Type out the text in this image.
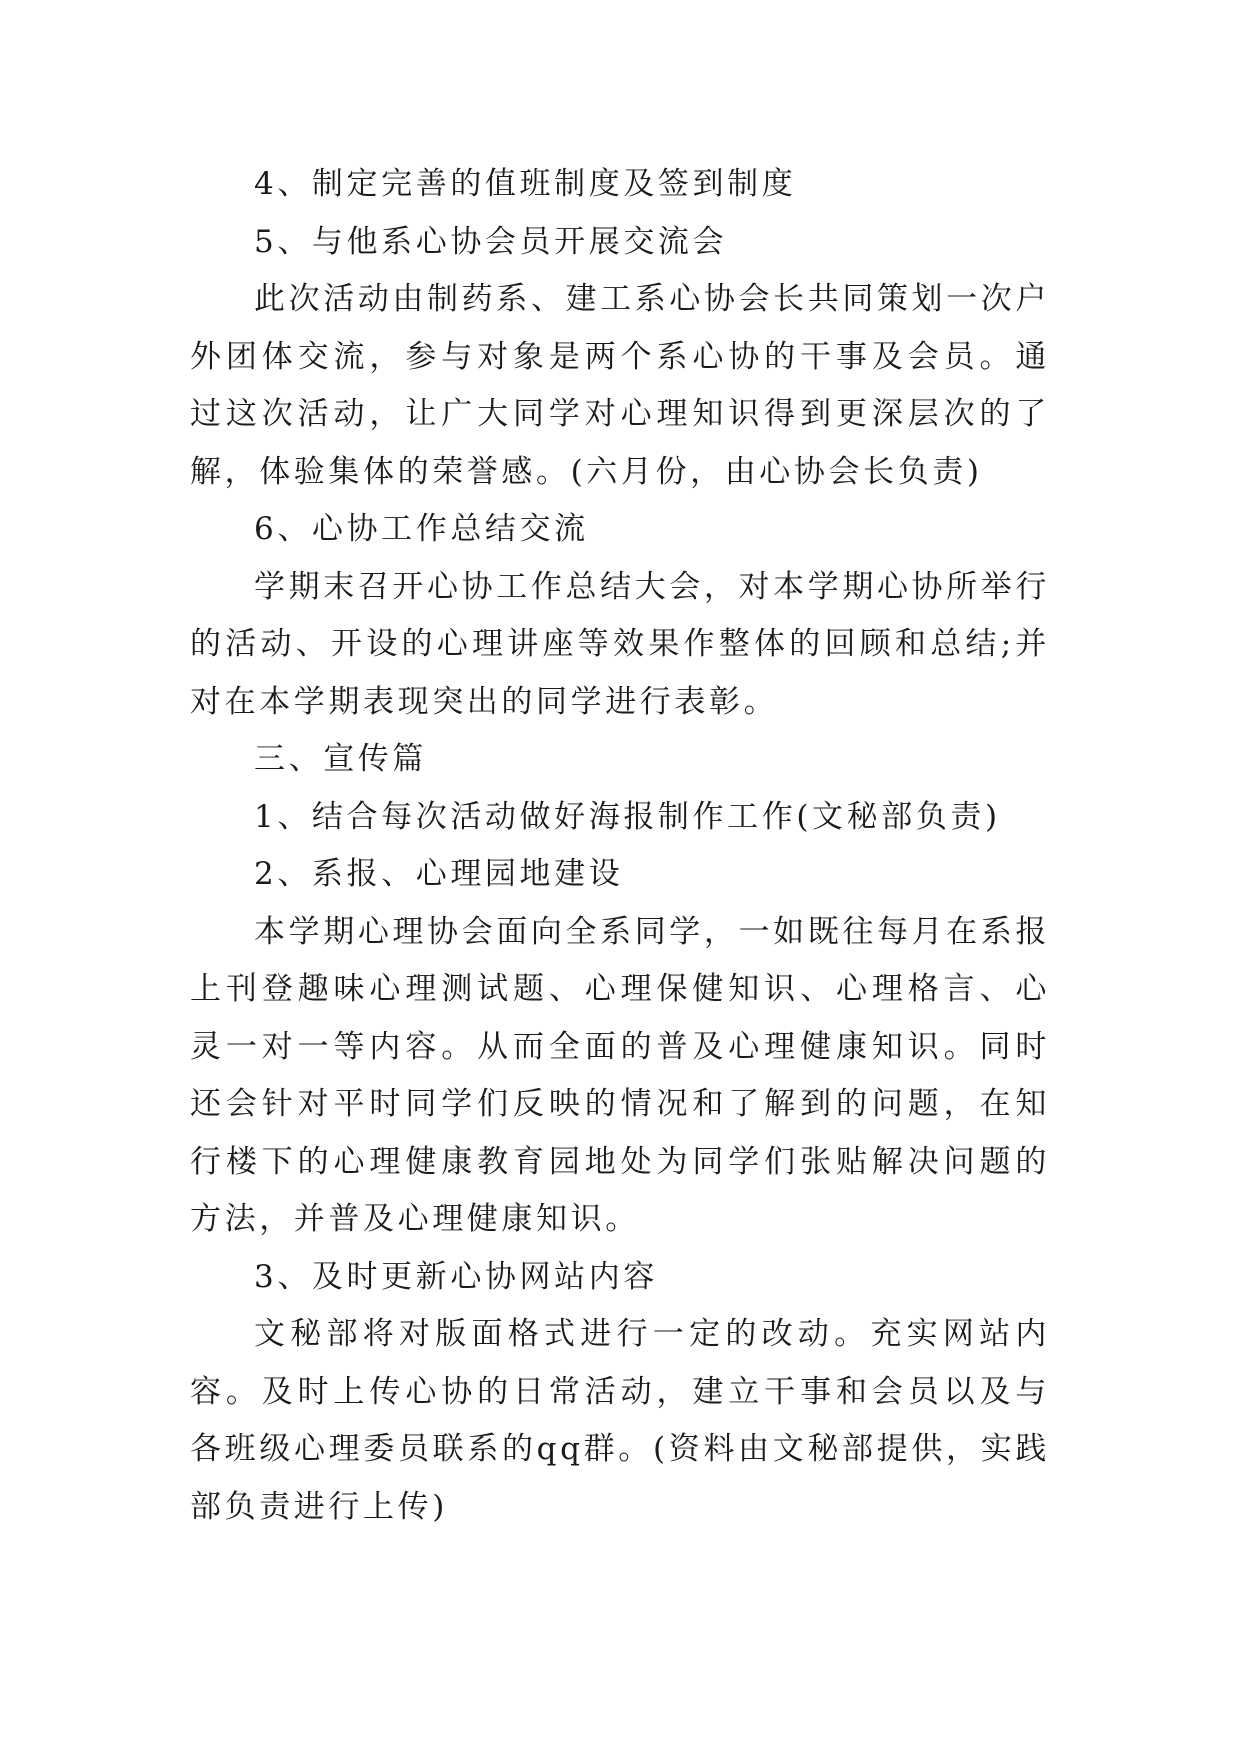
4、制定完善的值班制度及签到制度

5、与他系心协会员开展交流会

此次活动由制药系、建工系心协会长共同策划一次户外团体交流，参与对象是两个系心协的干事及会员。通过这次活动，让广大同学对心理知识得到更深层次的了解，体验集体的荣誉感。(六月份，由心协会长负责)

6、心协工作总结交流

学期末召开心协工作总结大会，对本学期心协所举行的活动、开设的心理讲座等效果作整体的回顾和总结;并对在本学期表现突出的同学进行表彰。

三、宣传篇

1、结合每次活动做好海报制作工作(文秘部负责)

2、系报、心理园地建设

本学期心理协会面向全系同学，一如既往每月在系报上刊登趣味心理测试题、心理保健知识、心理格言、心灵一对一等内容。从而全面的普及心理健康知识。同时还会针对平时同学们反映的情况和了解到的问题，在知行楼下的心理健康教育园地处为同学们张贴解决问题的方法，并普及心理健康知识。

3、及时更新心协网站内容

文秘部将对版面格式进行一定的改动。充实网站内容。及时上传心协的日常活动，建立干事和会员以及与各班级心理委员联系的qq群。(资料由文秘部提供，实践部负责进行上传)
